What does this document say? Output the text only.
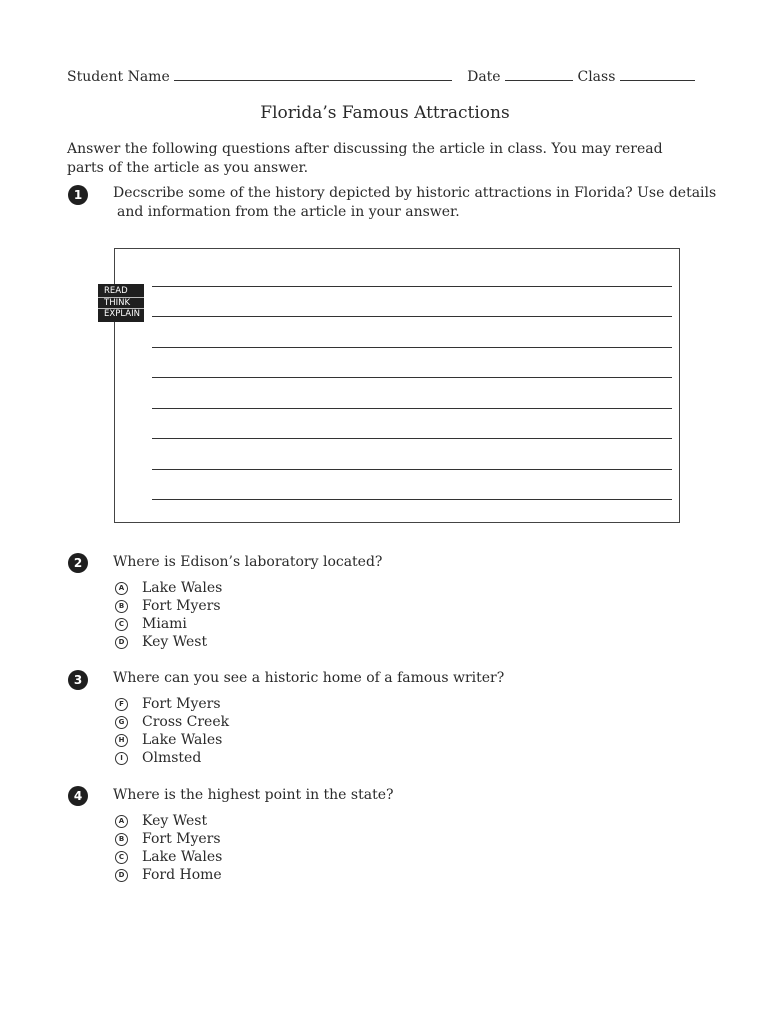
Student Name	Date	Class
Florida’s Famous Attractions
Answer the following questions after discussing the article in class. You may reread parts of the article as you answer.
1	Decscribe some of the history depicted by historic attractions in Florida? Use details
and information from the article in your answer.
READ
THINK
EXPLAIN
2	Where is Edison’s laboratory located?
A Lake Wales
B Fort Myers
C Miami
D Key West
3	Where can you see a historic home of a famous writer?
F Fort Myers
G Cross Creek
H Lake Wales
I	Olmsted
4	Where is the highest point in the state?
A Key West
B Fort Myers
C Lake Wales
D Ford Home
